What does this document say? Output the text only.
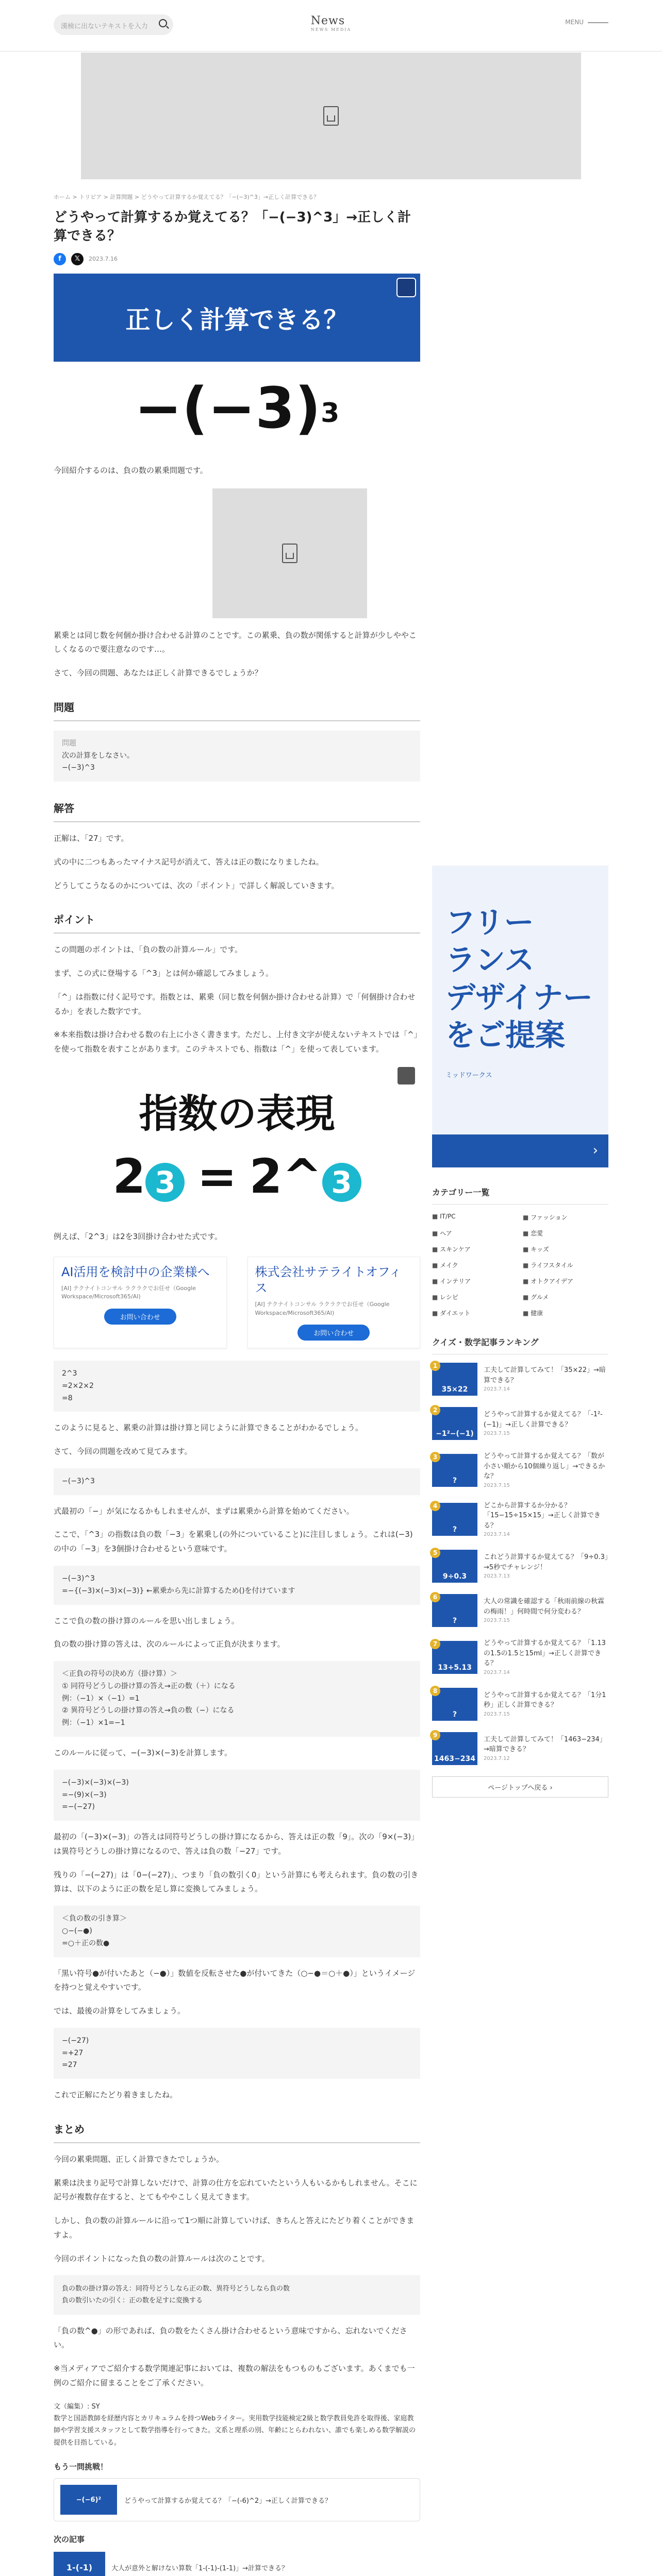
漢検に出ないテキストを入力	News
NEWS MEDIA
MENU
ホーム > トリビア > 計算問題 > どうやって計算するか覚えてる？「−(−3)^3」→正しく計算できる？
どうやって計算するか覚えてる？「−(−3)^3」→正しく計算できる？
f	𝕏	2023.7.16
正しく計算できる？
$-(-3)^3$

今回紹介するのは、負の数の累乗問題です。

累乗とは同じ数を何個か掛け合わせる計算のことです。この累乗、負の数が関係すると計算が少しややこしくなるので要注意なのです…。

さて、今回の問題、あなたは正しく計算できるでしょうか？

問題
問題
次の計算をしなさい。
−(−3)^3
解答

正解は、「27」です。

式の中に二つもあったマイナス記号が消えて、答えは正の数になりましたね。

どうしてこうなるのかについては、次の「ポイント」で詳しく解説していきます。

ポイント

この問題のポイントは、「負の数の計算ルール」です。

まず、この式に登場する「^3」とは何か確認してみましょう。

「^」は指数に付く記号です。指数とは、累乗（同じ数を何個か掛け合わせる計算）で「何個掛け合わせるか」を表した数字です。

※本来指数は掛け合わせる数の右上に小さく書きます。ただし、上付き文字が使えないテキストでは「^」を使って指数を表すことがあります。このテキストでも、指数は「^」を使って表しています。

指数の表現
2 3 = 2^ 3

例えば、「2^3」は2を3回掛け合わせた式です。

AI活用を検討中の企業様へ
[AI] テクナイトコンサル ラクラクでお任せ（Google Workspace/Microsoft365/AI)
お問い合わせ
株式会社サテライトオフィス
[AI] テクナイトコンサル ラクラクでお任せ（Google Workspace/Microsoft365/AI)
お問い合わせ
2^3
=2×2×2
=8

このように見ると、累乗の計算は掛け算と同じように計算できることがわかるでしょう。

さて、今回の問題を改めて見てみます。

−(−3)^3

式最初の「−」が気になるかもしれませんが、まずは累乗から計算を始めてください。

ここで、「^3」の指数は負の数「−3」を累乗し(の外についていること)に注目しましょう。これは(−3)の中の「−3」を3個掛け合わせるという意味です。

−(−3)^3
=−{(−3)×(−3)×(−3)} ←累乗から先に計算するため()を付けています

ここで負の数の掛け算のルールを思い出しましょう。

負の数の掛け算の答えは、次のルールによって正負が決まります。

＜正負の符号の決め方（掛け算）＞
① 同符号どうしの掛け算の答え→正の数（＋）になる
例：（−1）×（−1）=1
② 異符号どうしの掛け算の答え→負の数（−）になる
例：（−1）×1=−1

このルールに従って、−(−3)×(−3)を計算します。

−(−3)×(−3)×(−3)
=−(9)×(−3)
=−(−27)

最初の「(−3)×(−3)」の答えは同符号どうしの掛け算になるから、答えは正の数「9」。次の「9×(−3)」は異符号どうしの掛け算になるので、答えは負の数「−27」です。

残りの「−(−27)」は「0−(−27)」、つまり「負の数引く0」という計算にも考えられます。負の数の引き算は、以下のように正の数を足し算に変換してみましょう。

＜負の数の引き算＞
○−(−●)
=○＋正の数●

「黒い符号●が付いたあと（−●）」数値を反転させた●が付いてきた（○−●＝○＋●）」というイメージを持つと覚えやすいです。

では、最後の計算をしてみましょう。

−(−27)
=+27
=27

これで正解にたどり着きましたね。

まとめ

今回の累乗問題、正しく計算できたでしょうか。

累乗は決まり記号で計算しないだけで、計算の仕方を忘れていたという人もいるかもしれません。そこに記号が複数存在すると、とてもややこしく見えてきます。

しかし、負の数の計算ルールに沿って1つ順に計算していけば、きちんと答えにたどり着くことができますよ。

今回のポイントになった負の数の計算ルールは次のことです。

負の数の掛け算の答え：同符号どうしなら正の数、異符号どうしなら負の数
負の数引いたの引く：正の数を足すに変換する

「負の数^●」の形であれば、負の数をたくさん掛け合わせるという意味ですから、忘れないでください。

※当メディアでご紹介する数学関連記事においては、複数の解法をもつものもございます。あくまでも一例のご紹介に留まることをご了承ください。

文（編集）: SY
数学と国語教師を経歴内容とカリキュラムを持つWebライター。実用数学技能検定2級と数学教員免許を取得後、家庭教師や学習支援スタッフとして数学指導を行ってきた。文系と理系の別、年齢にとらわれない、誰でも楽しめる数学解説の提供を目指している。
もう一問挑戦！
−(−6)²	どうやって計算するか覚えてる？「−(-6)^2」→正しく計算できる？
次の記事
1-(-1)	大人が意外と解けない算数「1-(-1)-(1-1)」→計算できる？
フリー
ランス
デザイナー
をご提案
ミッドワークス
›
カテゴリー一覧
■ IT/PC	■ ファッション
■ ヘア	■ 恋愛
■ スキンケア	■ キッズ
■ メイク	■ ライフスタイル
■ インテリア	■ オトクアイデア
■ レシピ	■ グルメ
■ ダイエット	■ 健康
クイズ・数学記事ランキング
1
35×22
工夫して計算してみて！「35×22」→暗算できる？
2023.7.14
2
−1²−(−1)
どうやって計算するか覚えてる？「-1²-(−1)」→正しく計算できる？
2023.7.15
3
?
どうやって計算するか覚えてる？「数が小さい順から10個繰り返し」→できるかな？
2023.7.15
4
?
どこから計算するか分かる？「15−15÷15×15」→正しく計算できる？
2023.7.14
5
9÷0.3
これどう計算するか覚えてる？「9÷0.3」→5秒でチャレンジ！
2023.7.13
6
?
大人の常識を確認する「秋雨前線の秋霖の梅雨！」何時間で何分変わる？
2023.7.15
7
13+5.13
どうやって計算するか覚えてる？「1.13の1.5の1.5と15ml」→正しく計算できる？
2023.7.14
8
?
どうやって計算するか覚えてる？「1分1秒」正しく計算できる？
2023.7.15
9
1463−234
工夫して計算してみて！「1463−234」→暗算できる？
2023.7.12
ページトップへ戻る ›
